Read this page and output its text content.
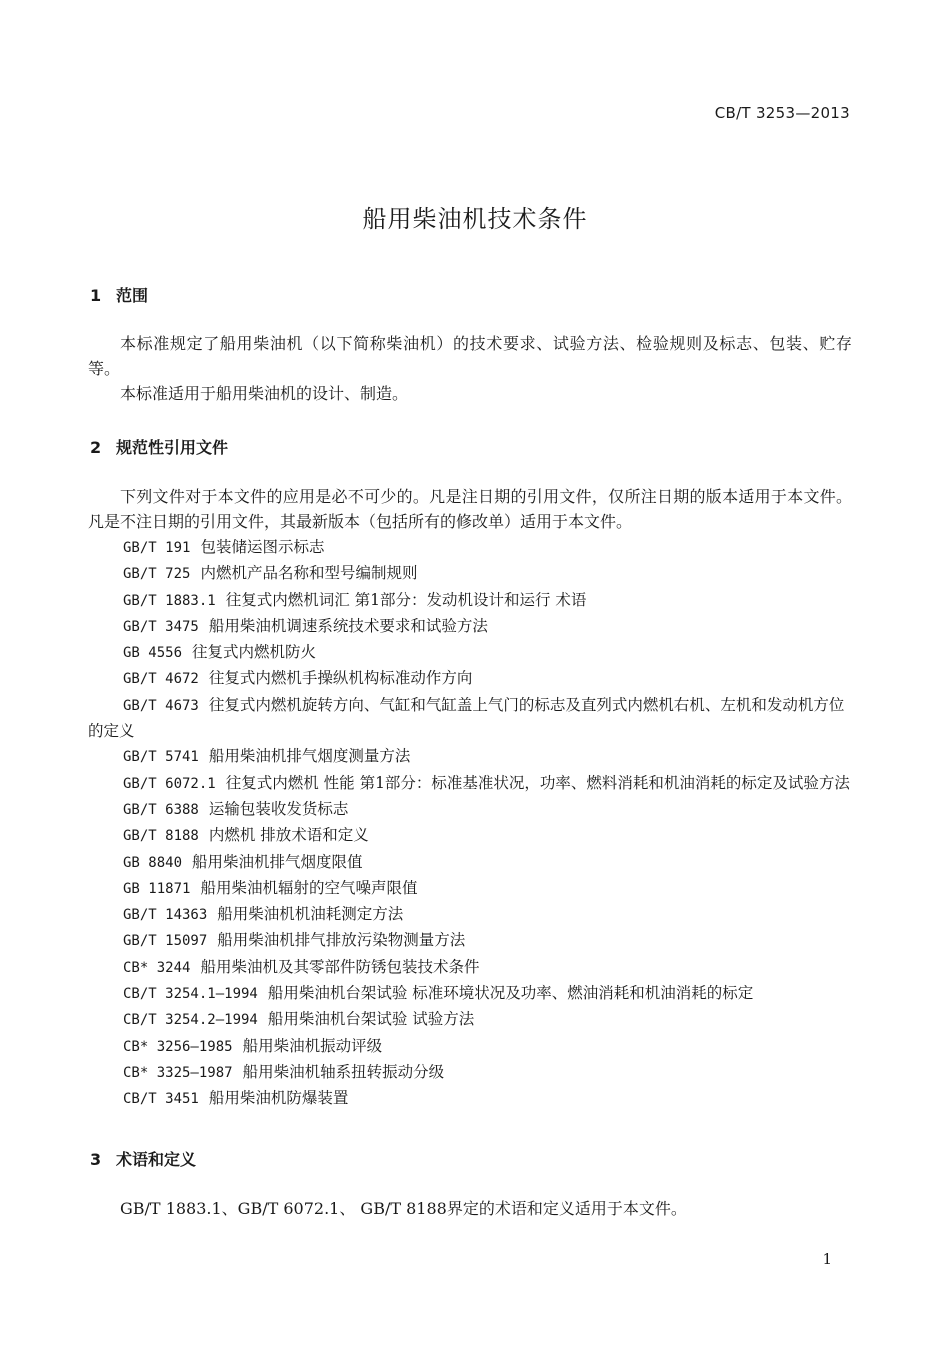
CB/T 3253—2013
船用柴油机技术条件
1 范围
本标准规定了船用柴油机（以下简称柴油机）的技术要求、试验方法、检验规则及标志、包装、贮存等。
本标准适用于船用柴油机的设计、制造。
2 规范性引用文件
下列文件对于本文件的应用是必不可少的。凡是注日期的引用文件，仅所注日期的版本适用于本文件。凡是不注日期的引用文件，其最新版本（包括所有的修改单）适用于本文件。
GB/T 191 包装储运图示标志
GB/T 725 内燃机产品名称和型号编制规则
GB/T 1883.1 往复式内燃机词汇 第1部分：发动机设计和运行 术语
GB/T 3475 船用柴油机调速系统技术要求和试验方法
GB 4556 往复式内燃机防火
GB/T 4672 往复式内燃机手操纵机构标准动作方向
GB/T 4673 往复式内燃机旋转方向、气缸和气缸盖上气门的标志及直列式内燃机右机、左机和发动机方位的定义
GB/T 5741 船用柴油机排气烟度测量方法
GB/T 6072.1 往复式内燃机 性能 第1部分：标准基准状况，功率、燃料消耗和机油消耗的标定及试验方法
GB/T 6388 运输包装收发货标志
GB/T 8188 内燃机 排放术语和定义
GB 8840 船用柴油机排气烟度限值
GB 11871 船用柴油机辐射的空气噪声限值
GB/T 14363 船用柴油机机油耗测定方法
GB/T 15097 船用柴油机排气排放污染物测量方法
CB* 3244 船用柴油机及其零部件防锈包装技术条件
CB/T 3254.1—1994 船用柴油机台架试验 标准环境状况及功率、燃油消耗和机油消耗的标定
CB/T 3254.2—1994 船用柴油机台架试验 试验方法
CB* 3256—1985 船用柴油机振动评级
CB* 3325—1987 船用柴油机轴系扭转振动分级
CB/T 3451 船用柴油机防爆装置
3 术语和定义
GB/T 1883.1、GB/T 6072.1、 GB/T 8188界定的术语和定义适用于本文件。
1
